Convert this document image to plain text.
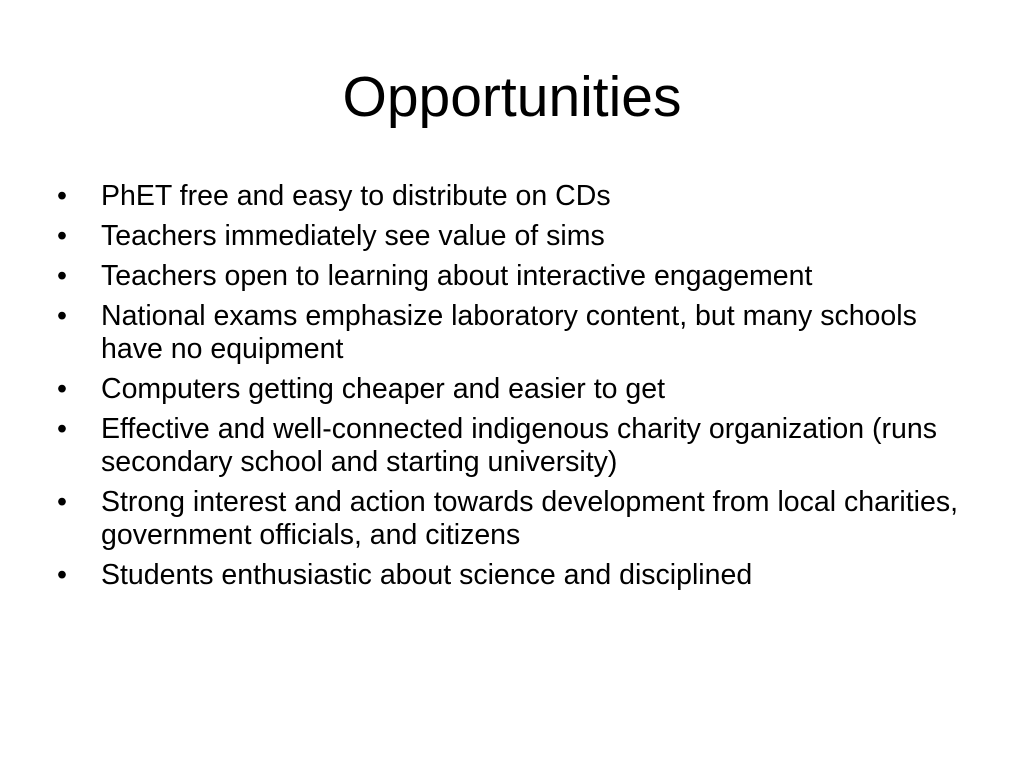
Opportunities
•	PhET free and easy to distribute on CDs
•	Teachers immediately see value of sims
•	Teachers open to learning about interactive engagement
•	National exams emphasize laboratory content, but many schools have no equipment
•	Computers getting cheaper and easier to get
•	Effective and well-connected indigenous charity organization (runs secondary school and starting university)
•	Strong interest and action towards development from local charities, government officials, and citizens
•	Students enthusiastic about science and disciplined
